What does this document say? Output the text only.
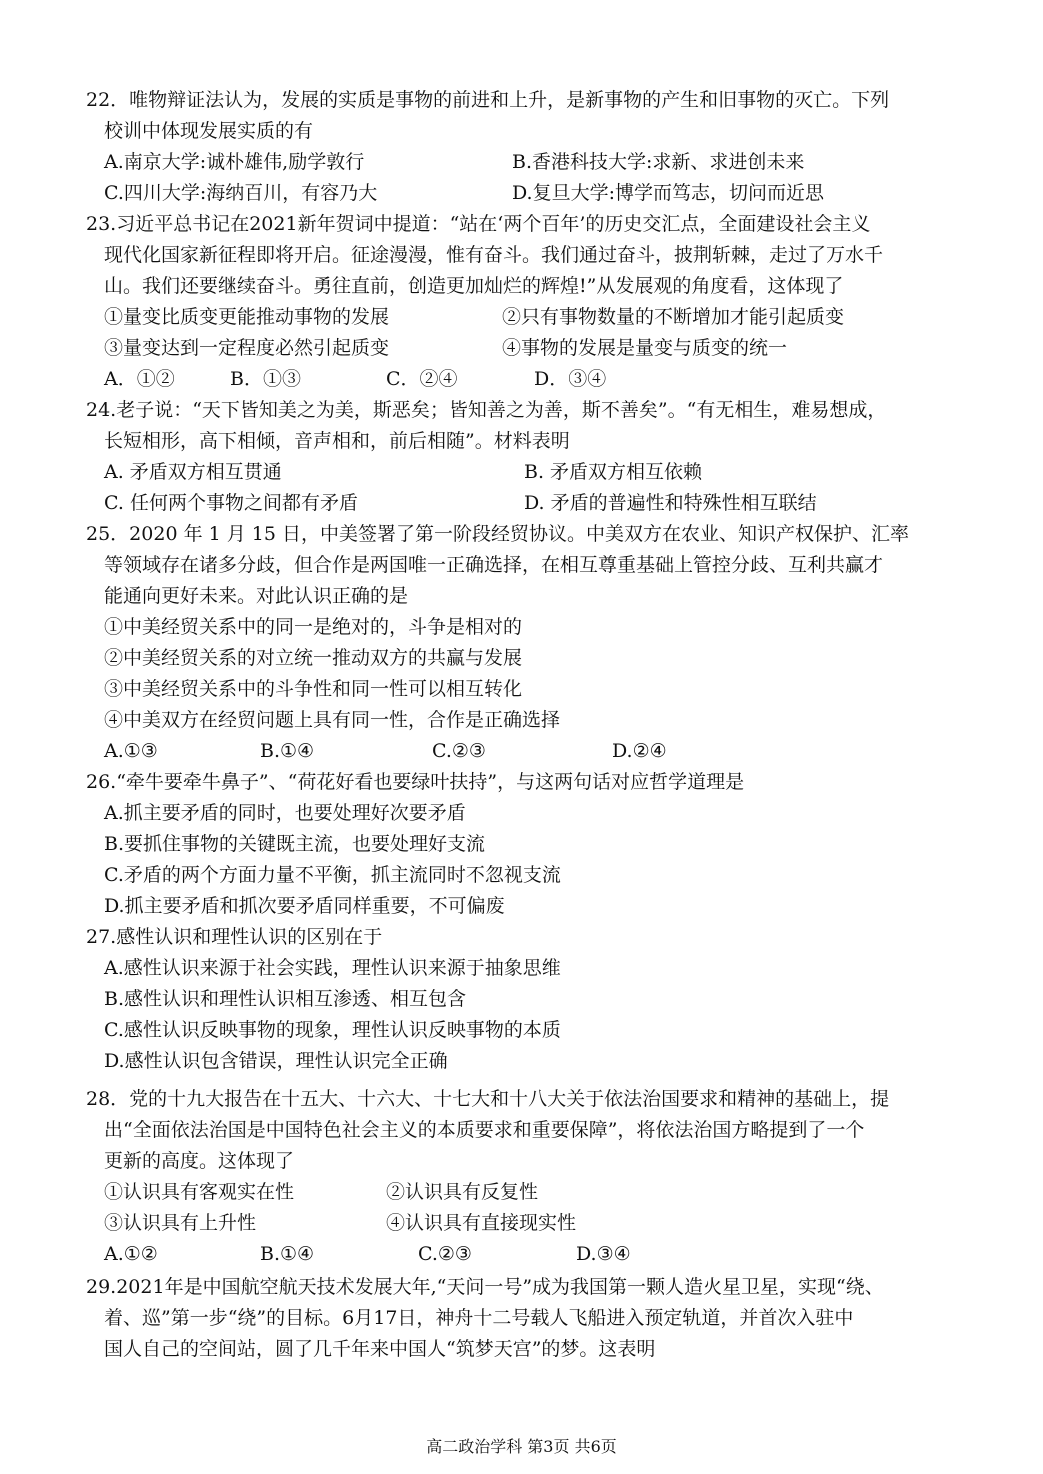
22．唯物辩证法认为，发展的实质是事物的前进和上升，是新事物的产生和旧事物的灭亡。下列
校训中体现发展实质的有
A.南京大学:诚朴雄伟,励学敦行	B.香港科技大学:求新、求进创未来
C.四川大学:海纳百川，有容乃大	D.复旦大学:博学而笃志，切问而近思
23.习近平总书记在2021新年贺词中提道：“站在‘两个百年’的历史交汇点，全面建设社会主义
现代化国家新征程即将开启。征途漫漫，惟有奋斗。我们通过奋斗，披荆斩棘，走过了万水千
山。我们还要继续奋斗。勇往直前，创造更加灿烂的辉煌!”从发展观的角度看，这体现了
①量变比质变更能推动事物的发展	②只有事物数量的不断增加才能引起质变
③量变达到一定程度必然引起质变	④事物的发展是量变与质变的统一
A．①②	B．①③	C．②④	D．③④
24.老子说：“天下皆知美之为美，斯恶矣；皆知善之为善，斯不善矣”。“有无相生，难易想成，
长短相形，高下相倾，音声相和，前后相随”。材料表明
A. 矛盾双方相互贯通	B. 矛盾双方相互依赖
C. 任何两个事物之间都有矛盾	D. 矛盾的普遍性和特殊性相互联结
25．2020 年 1 月 15 日，中美签署了第一阶段经贸协议。中美双方在农业、知识产权保护、汇率
等领域存在诸多分歧，但合作是两国唯一正确选择，在相互尊重基础上管控分歧、互利共赢才
能通向更好未来。对此认识正确的是
①中美经贸关系中的同一是绝对的，斗争是相对的
②中美经贸关系的对立统一推动双方的共赢与发展
③中美经贸关系中的斗争性和同一性可以相互转化
④中美双方在经贸问题上具有同一性，合作是正确选择
A.①③	B.①④	C.②③	D.②④
26.“牵牛要牵牛鼻子”、“荷花好看也要绿叶扶持”，与这两句话对应哲学道理是
A.抓主要矛盾的同时，也要处理好次要矛盾
B.要抓住事物的关键既主流，也要处理好支流
C.矛盾的两个方面力量不平衡，抓主流同时不忽视支流
D.抓主要矛盾和抓次要矛盾同样重要，不可偏废
27.感性认识和理性认识的区别在于
A.感性认识来源于社会实践，理性认识来源于抽象思维
B.感性认识和理性认识相互渗透、相互包含
C.感性认识反映事物的现象，理性认识反映事物的本质
D.感性认识包含错误，理性认识完全正确
28．党的十九大报告在十五大、十六大、十七大和十八大关于依法治国要求和精神的基础上，提
出“全面依法治国是中国特色社会主义的本质要求和重要保障”，将依法治国方略提到了一个
更新的高度。这体现了
①认识具有客观实在性	②认识具有反复性
③认识具有上升性	④认识具有直接现实性
A.①②	B.①④	C.②③	D.③④
29.2021年是中国航空航天技术发展大年,“天问一号”成为我国第一颗人造火星卫星，实现“绕、
着、巡”第一步“绕”的目标。6月17日，神舟十二号载人飞船进入预定轨道，并首次入驻中
国人自己的空间站，圆了几千年来中国人“筑梦天宫”的梦。这表明
高二政治学科 第3页 共6页
